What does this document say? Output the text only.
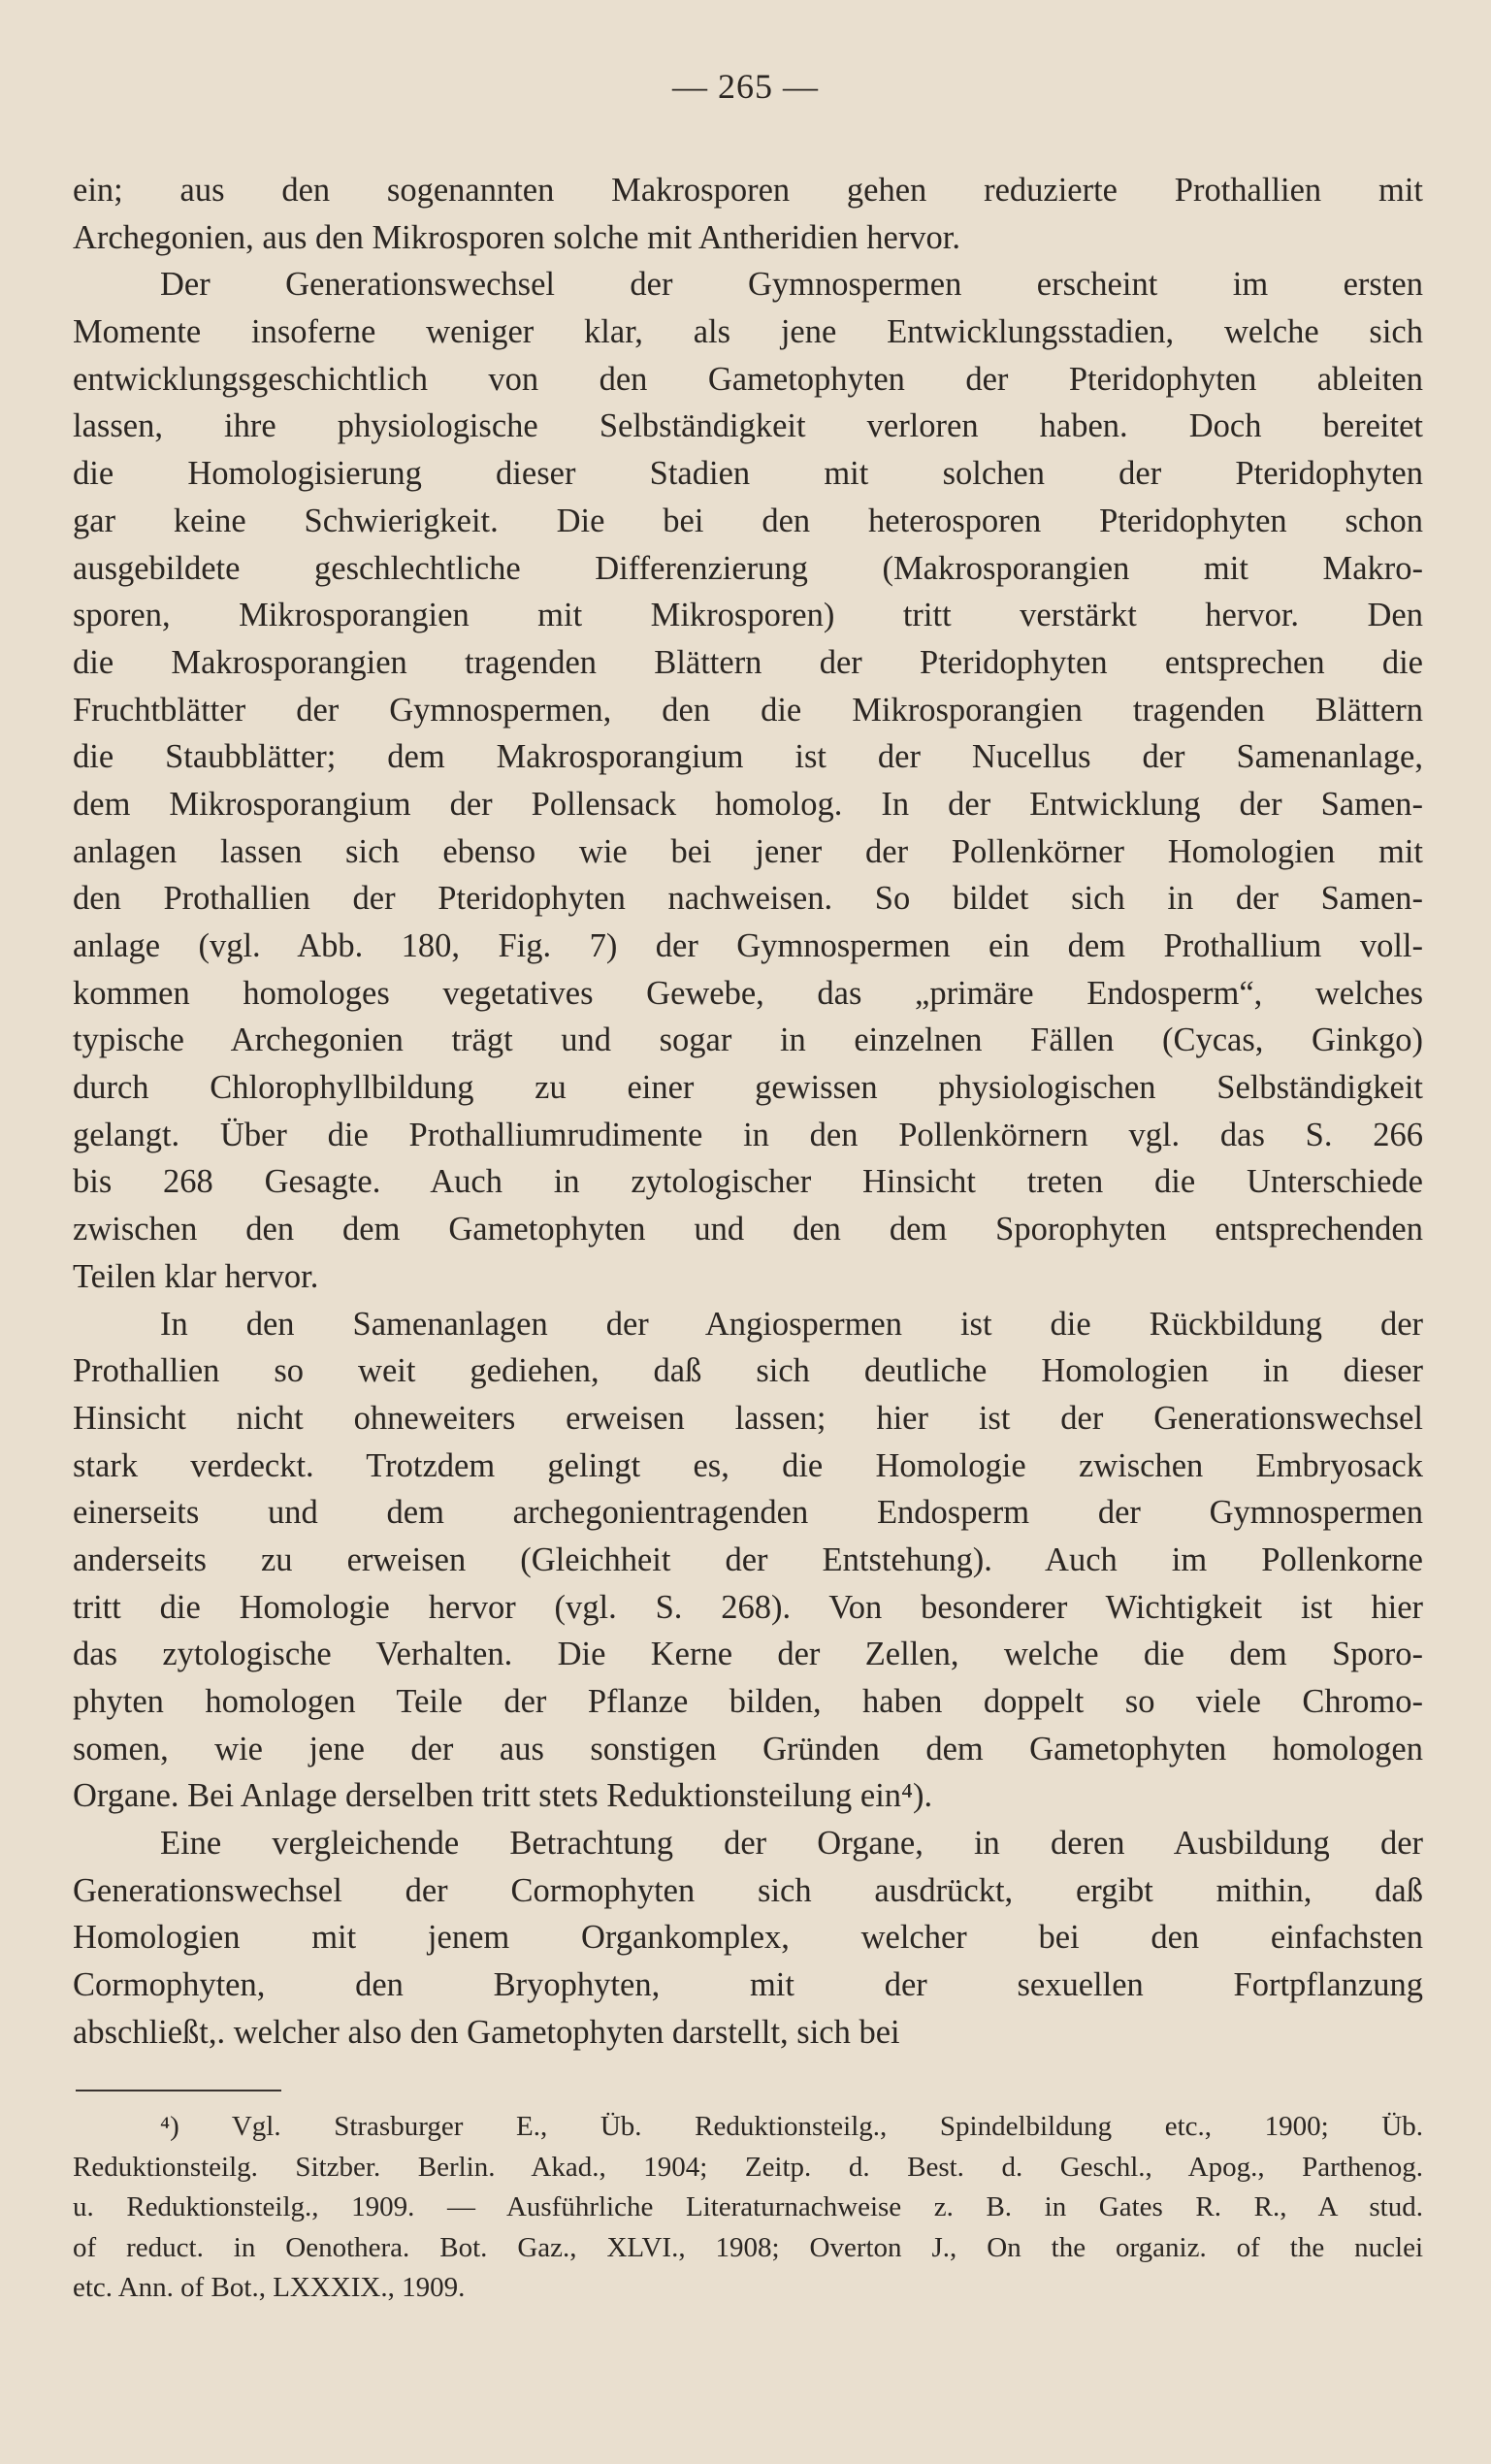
— 265 —
ein; aus den sogenannten Makrosporen gehen reduzierte Prothallien mit
Archegonien, aus den Mikrosporen solche mit Antheridien hervor.
Der Generationswechsel der Gymnospermen erscheint im ersten
Momente insoferne weniger klar, als jene Entwicklungsstadien, welche sich
entwicklungsgeschichtlich von den Gametophyten der Pteridophyten ableiten
lassen, ihre physiologische Selbständigkeit verloren haben. Doch bereitet
die Homologisierung dieser Stadien mit solchen der Pteridophyten
gar keine Schwierigkeit. Die bei den heterosporen Pteridophyten schon
ausgebildete geschlechtliche Differenzierung (Makrosporangien mit Makro-
sporen, Mikrosporangien mit Mikrosporen) tritt verstärkt hervor. Den
die Makrosporangien tragenden Blättern der Pteridophyten entsprechen die
Fruchtblätter der Gymnospermen, den die Mikrosporangien tragenden Blättern
die Staubblätter; dem Makrosporangium ist der Nucellus der Samenanlage,
dem Mikrosporangium der Pollensack homolog. In der Entwicklung der Samen-
anlagen lassen sich ebenso wie bei jener der Pollenkörner Homologien mit
den Prothallien der Pteridophyten nachweisen. So bildet sich in der Samen-
anlage (vgl. Abb. 180, Fig. 7) der Gymnospermen ein dem Prothallium voll-
kommen homologes vegetatives Gewebe, das „primäre Endosperm“, welches
typische Archegonien trägt und sogar in einzelnen Fällen (Cycas, Ginkgo)
durch Chlorophyllbildung zu einer gewissen physiologischen Selbständigkeit
gelangt. Über die Prothalliumrudimente in den Pollenkörnern vgl. das S. 266
bis 268 Gesagte. Auch in zytologischer Hinsicht treten die Unterschiede
zwischen den dem Gametophyten und den dem Sporophyten entsprechenden
Teilen klar hervor.
In den Samenanlagen der Angiospermen ist die Rückbildung der
Prothallien so weit gediehen, daß sich deutliche Homologien in dieser
Hinsicht nicht ohneweiters erweisen lassen; hier ist der Generationswechsel
stark verdeckt. Trotzdem gelingt es, die Homologie zwischen Embryosack
einerseits und dem archegonientragenden Endosperm der Gymnospermen
anderseits zu erweisen (Gleichheit der Entstehung). Auch im Pollenkorne
tritt die Homologie hervor (vgl. S. 268). Von besonderer Wichtigkeit ist hier
das zytologische Verhalten. Die Kerne der Zellen, welche die dem Sporo-
phyten homologen Teile der Pflanze bilden, haben doppelt so viele Chromo-
somen, wie jene der aus sonstigen Gründen dem Gametophyten homologen
Organe. Bei Anlage derselben tritt stets Reduktionsteilung ein⁴).
Eine vergleichende Betrachtung der Organe, in deren Ausbildung der
Generationswechsel der Cormophyten sich ausdrückt, ergibt mithin, daß
Homologien mit jenem Organkomplex, welcher bei den einfachsten
Cormophyten, den Bryophyten, mit der sexuellen Fortpflanzung
abschließt,. welcher also den Gametophyten darstellt, sich bei
⁴) Vgl. Strasburger E., Üb. Reduktionsteilg., Spindelbildung etc., 1900; Üb.
Reduktionsteilg. Sitzber. Berlin. Akad., 1904; Zeitp. d. Best. d. Geschl., Apog., Parthenog.
u. Reduktionsteilg., 1909. — Ausführliche Literaturnachweise z. B. in Gates R. R., A stud.
of reduct. in Oenothera. Bot. Gaz., XLVI., 1908; Overton J., On the organiz. of the nuclei
etc. Ann. of Bot., LXXXIX., 1909.
